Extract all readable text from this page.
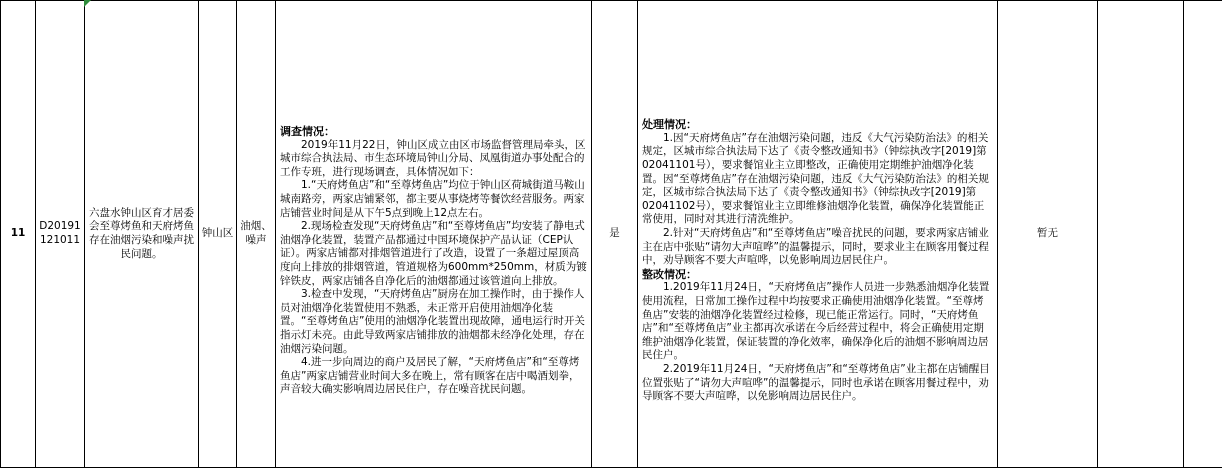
11	D20191121011	六盘水钟山区育才居委会至尊烤鱼和天府烤鱼存在油烟污染和噪声扰民问题。	钟山区	油烟、噪声	
调查情况：

2019年11月22日，钟山区成立由区市场监督管理局牵头，区城市综合执法局、市生态环境局钟山分局、凤凰街道办事处配合的工作专班，进行现场调查，具体情况如下：

1.“天府烤鱼店”和“至尊烤鱼店”均位于钟山区荷城街道马鞍山城南路旁，两家店铺紧邻，都主要从事烧烤等餐饮经营服务。两家店铺营业时间是从下午5点到晚上12点左右。

2.现场检查发现“天府烤鱼店”和“至尊烤鱼店”均安装了静电式油烟净化装置，装置产品都通过中国环境保护产品认证（CEP认证）。两家店铺都对排烟管道进行了改造，设置了一条超过屋顶高度向上排放的排烟管道，管道规格为600mm*250mm，材质为镀锌铁皮，两家店铺各自净化后的油烟都通过该管道向上排放。

3.检查中发现，“天府烤鱼店”厨房在加工操作时，由于操作人员对油烟净化装置使用不熟悉，未正常开启使用油烟净化装置。“至尊烤鱼店”使用的油烟净化装置出现故障，通电运行时开关指示灯未亮。由此导致两家店铺排放的油烟都未经净化处理，存在油烟污染问题。

4.进一步向周边的商户及居民了解，“天府烤鱼店”和“至尊烤鱼店”两家店铺营业时间大多在晚上，常有顾客在店中喝酒划拳，声音较大确实影响周边居民住户，存在噪音扰民问题。

	是	
处理情况：

1.因“天府烤鱼店”存在油烟污染问题，违反《大气污染防治法》的相关规定，区城市综合执法局下达了《责令整改通知书》（钟综执改字[2019]第02041101号），要求餐馆业主立即整改，正确使用定期维护油烟净化装置。因“至尊烤鱼店”存在油烟污染问题，违反《大气污染防治法》的相关规定，区城市综合执法局下达了《责令整改通知书》（钟综执改字[2019]第02041102号），要求餐馆业主立即维修油烟净化装置，确保净化装置能正常使用，同时对其进行清洗维护。

2.针对“天府烤鱼店”和“至尊烤鱼店”噪音扰民的问题，要求两家店铺业主在店中张贴“请勿大声喧哗”的温馨提示，同时，要求业主在顾客用餐过程中，劝导顾客不要大声喧哗，以免影响周边居民住户。

整改情况：

1.2019年11月24日，“天府烤鱼店”操作人员进一步熟悉油烟净化装置使用流程，日常加工操作过程中均按要求正确使用油烟净化装置。“至尊烤鱼店”安装的油烟净化装置经过检修，现已能正常运行。同时，“天府烤鱼店”和“至尊烤鱼店”业主都再次承诺在今后经营过程中，将会正确使用定期维护油烟净化装置，保证装置的净化效率，确保净化后的油烟不影响周边居民住户。

2.2019年11月24日，“天府烤鱼店”和“至尊烤鱼店”业主都在店铺醒目位置张贴了“请勿大声喧哗”的温馨提示，同时也承诺在顾客用餐过程中，劝导顾客不要大声喧哗，以免影响周边居民住户。

	暂无		
